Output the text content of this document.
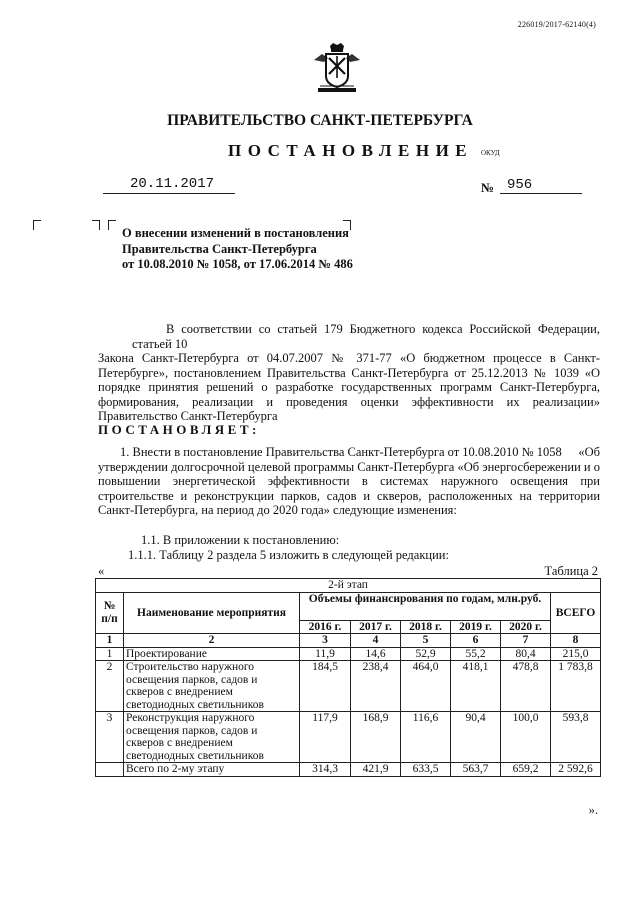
226019/2017-62140(4)
ПРАВИТЕЛЬСТВО САНКТ-ПЕТЕРБУРГА
ПОСТАНОВЛЕНИЕ ОКУД
20.11.2017	№ 956
О внесении изменений в постановления
Правительства Санкт-Петербурга
от 10.08.2010 № 1058, от 17.06.2014 № 486
В соответствии со статьей 179 Бюджетного кодекса Российской Федерации, статьей 10 Закона Санкт-Петербурга от 04.07.2007 № 371-77 «О бюджетном процессе в Санкт-Петербурге», постановлением Правительства Санкт-Петербурга от 25.12.2013 № 1039 «О порядке принятия решений о разработке государственных программ Санкт-Петербурга, формирования, реализации и проведения оценки эффективности их реализации» Правительство Санкт-Петербурга
ПОСТАНОВЛЯЕТ:
1. Внести в постановление Правительства Санкт-Петербурга от 10.08.2010 № 1058 «Об утверждении долгосрочной целевой программы Санкт-Петербурга «Об энергосбережении и о повышении энергетической эффективности в системах наружного освещения при строительстве и реконструкции парков, садов и скверов, расположенных на территории Санкт-Петербурга, на период до 2020 года» следующие изменения:
1.1. В приложении к постановлению:
1.1.1. Таблицу 2 раздела 5 изложить в следующей редакции:
«	Таблица 2
2-й этап							
№ п/п	Наименование мероприятия	Объемы финансирования по годам, млн.руб.					ВСЕГО
		2016 г.	2017 г.	2018 г.	2019 г.	2020 г.	
1	2	3	4	5	6	7	8
1	Проектирование	11,9	14,6	52,9	55,2	80,4	215,0
2	Строительство наружного освещения парков, садов и скверов с внедрением светодиодных светильников	184,5	238,4	464,0	418,1	478,8	1 783,8
3	Реконструкция наружного освещения парков, садов и скверов с внедрением светодиодных светильников	117,9	168,9	116,6	90,4	100,0	593,8
	Всего по 2-му этапу	314,3	421,9	633,5	563,7	659,2	2 592,6
».
